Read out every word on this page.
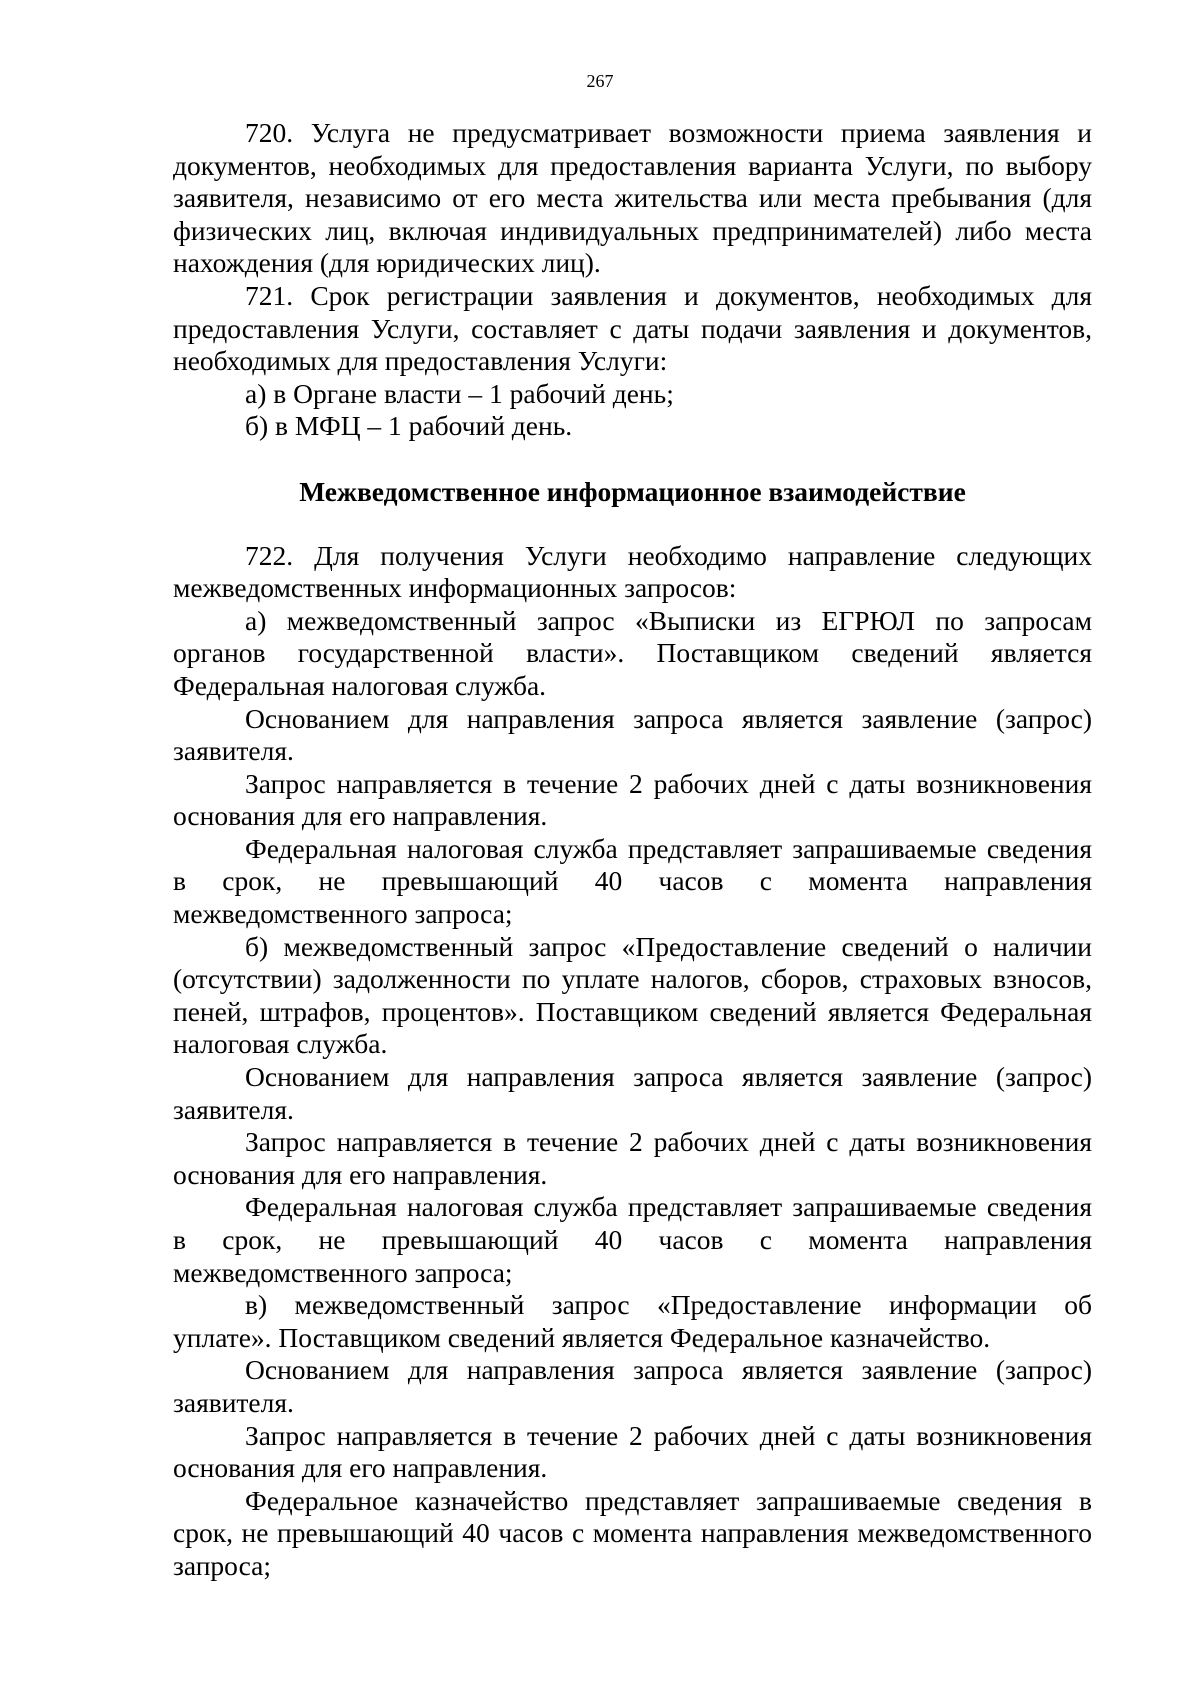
267

720. Услуга не предусматривает возможности приема заявления и документов, необходимых для предоставления варианта Услуги, по выбору заявителя, независимо от его места жительства или места пребывания (для физических лиц, включая индивидуальных предпринимателей) либо места нахождения (для юридических лиц).

721. Срок регистрации заявления и документов, необходимых для предоставления Услуги, составляет с даты подачи заявления и документов, необходимых для предоставления Услуги:

а) в Органе власти – 1 рабочий день;

б) в МФЦ – 1 рабочий день.

Межведомственное информационное взаимодействие

722. Для получения Услуги необходимо направление следующих межведомственных информационных запросов:

а) межведомственный запрос «Выписки из ЕГРЮЛ по запросам органов государственной власти». Поставщиком сведений является Федеральная налоговая служба.

Основанием для направления запроса является заявление (запрос) заявителя.

Запрос направляется в течение 2 рабочих дней с даты возникновения основания для его направления.

Федеральная налоговая служба представляет запрашиваемые сведения в срок, не превышающий 40 часов с момента направления межведомственного запроса;

б) межведомственный запрос «Предоставление сведений о наличии (отсутствии) задолженности по уплате налогов, сборов, страховых взносов, пеней, штрафов, процентов». Поставщиком сведений является Федеральная налоговая служба.

Основанием для направления запроса является заявление (запрос) заявителя.

Запрос направляется в течение 2 рабочих дней с даты возникновения основания для его направления.

Федеральная налоговая служба представляет запрашиваемые сведения в срок, не превышающий 40 часов с момента направления межведомственного запроса;

в) межведомственный запрос «Предоставление информации об уплате». Поставщиком сведений является Федеральное казначейство.

Основанием для направления запроса является заявление (запрос) заявителя.

Запрос направляется в течение 2 рабочих дней с даты возникновения основания для его направления.

Федеральное казначейство представляет запрашиваемые сведения в срок, не превышающий 40 часов с момента направления межведомственного запроса;
